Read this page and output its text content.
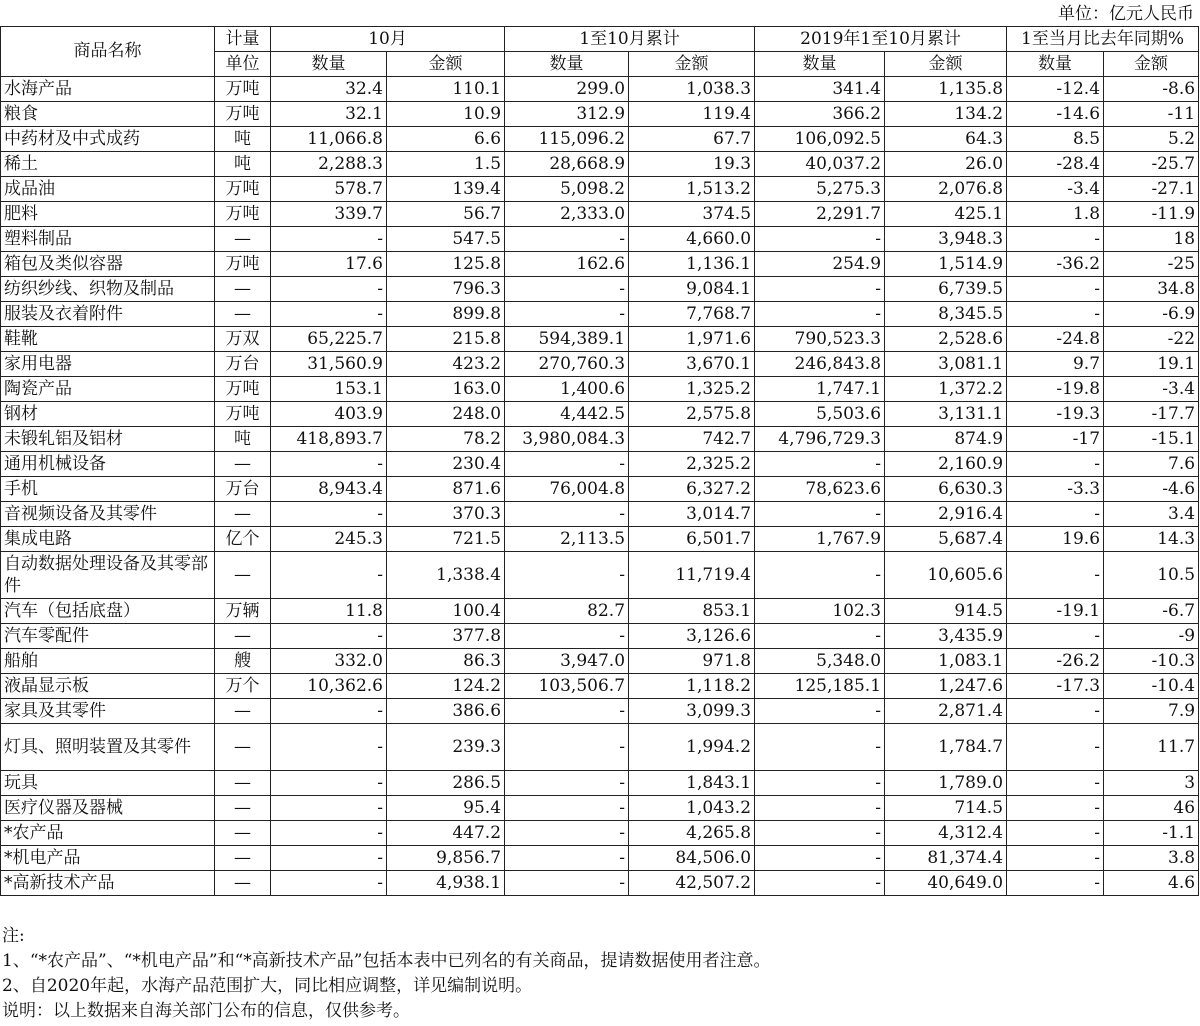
单位：亿元人民币
商品名称	计量	10月		1至10月累计		2019年1至10月累计		1至当月比去年同期%	
	单位	数量	金额	数量	金额	数量	金额	数量	金额
水海产品	万吨	32.4	110.1	299.0	1,038.3	341.4	1,135.8	-12.4	-8.6
粮食	万吨	32.1	10.9	312.9	119.4	366.2	134.2	-14.6	-11
中药材及中式成药	吨	11,066.8	6.6	115,096.2	67.7	106,092.5	64.3	8.5	5.2
稀土	吨	2,288.3	1.5	28,668.9	19.3	40,037.2	26.0	-28.4	-25.7
成品油	万吨	578.7	139.4	5,098.2	1,513.2	5,275.3	2,076.8	-3.4	-27.1
肥料	万吨	339.7	56.7	2,333.0	374.5	2,291.7	425.1	1.8	-11.9
塑料制品	—	-	547.5	-	4,660.0	-	3,948.3	-	18
箱包及类似容器	万吨	17.6	125.8	162.6	1,136.1	254.9	1,514.9	-36.2	-25
纺织纱线、织物及制品	—	-	796.3	-	9,084.1	-	6,739.5	-	34.8
服装及衣着附件	—	-	899.8	-	7,768.7	-	8,345.5	-	-6.9
鞋靴	万双	65,225.7	215.8	594,389.1	1,971.6	790,523.3	2,528.6	-24.8	-22
家用电器	万台	31,560.9	423.2	270,760.3	3,670.1	246,843.8	3,081.1	9.7	19.1
陶瓷产品	万吨	153.1	163.0	1,400.6	1,325.2	1,747.1	1,372.2	-19.8	-3.4
钢材	万吨	403.9	248.0	4,442.5	2,575.8	5,503.6	3,131.1	-19.3	-17.7
未锻轧铝及铝材	吨	418,893.7	78.2	3,980,084.3	742.7	4,796,729.3	874.9	-17	-15.1
通用机械设备	—	-	230.4	-	2,325.2	-	2,160.9	-	7.6
手机	万台	8,943.4	871.6	76,004.8	6,327.2	78,623.6	6,630.3	-3.3	-4.6
音视频设备及其零件	—	-	370.3	-	3,014.7	-	2,916.4	-	3.4
集成电路	亿个	245.3	721.5	2,113.5	6,501.7	1,767.9	5,687.4	19.6	14.3
自动数据处理设备及其零部件	—	-	1,338.4	-	11,719.4	-	10,605.6	-	10.5
汽车（包括底盘）	万辆	11.8	100.4	82.7	853.1	102.3	914.5	-19.1	-6.7
汽车零配件	—	-	377.8	-	3,126.6	-	3,435.9	-	-9
船舶	艘	332.0	86.3	3,947.0	971.8	5,348.0	1,083.1	-26.2	-10.3
液晶显示板	万个	10,362.6	124.2	103,506.7	1,118.2	125,185.1	1,247.6	-17.3	-10.4
家具及其零件	—	-	386.6	-	3,099.3	-	2,871.4	-	7.9
灯具、照明装置及其零件	—	-	239.3	-	1,994.2	-	1,784.7	-	11.7
玩具	—	-	286.5	-	1,843.1	-	1,789.0	-	3
医疗仪器及器械	—	-	95.4	-	1,043.2	-	714.5	-	46
*农产品	—	-	447.2	-	4,265.8	-	4,312.4	-	-1.1
*机电产品	—	-	9,856.7	-	84,506.0	-	81,374.4	-	3.8
*高新技术产品	—	-	4,938.1	-	42,507.2	-	40,649.0	-	4.6
注:
1、“*农产品”、“*机电产品”和“*高新技术产品”包括本表中已列名的有关商品，提请数据使用者注意。
2、自2020年起，水海产品范围扩大，同比相应调整，详见编制说明。
说明：以上数据来自海关部门公布的信息，仅供参考。
